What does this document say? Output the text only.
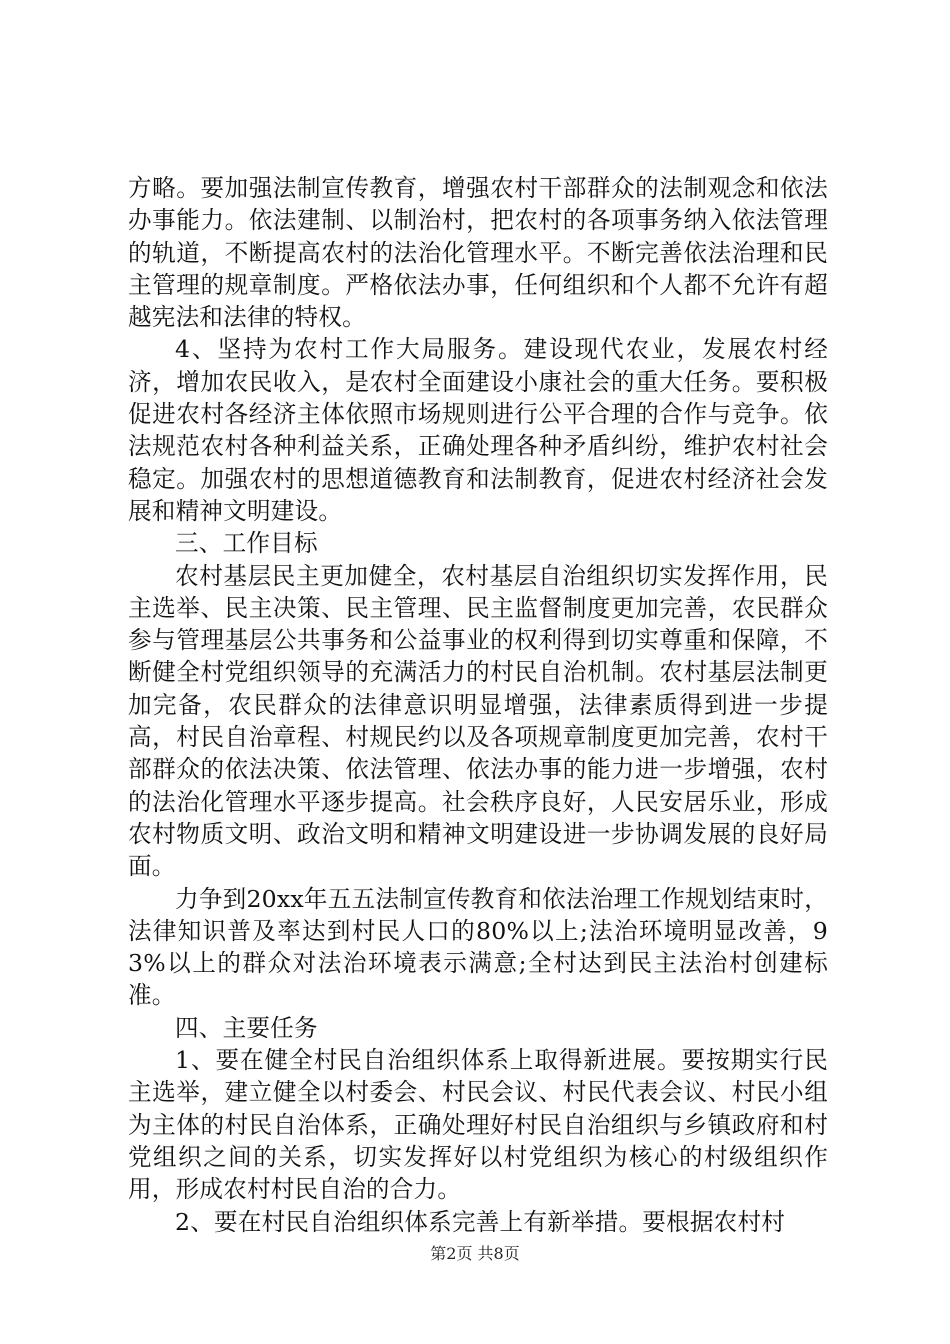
方略。要加强法制宣传教育，增强农村干部群众的法制观念和依法办事能力。依法建制、以制治村，把农村的各项事务纳入依法管理的轨道，不断提高农村的法治化管理水平。不断完善依法治理和民主管理的规章制度。严格依法办事，任何组织和个人都不允许有超越宪法和法律的特权。

4、坚持为农村工作大局服务。建设现代农业，发展农村经济，增加农民收入，是农村全面建设小康社会的重大任务。要积极促进农村各经济主体依照市场规则进行公平合理的合作与竞争。依法规范农村各种利益关系，正确处理各种矛盾纠纷，维护农村社会稳定。加强农村的思想道德教育和法制教育，促进农村经济社会发展和精神文明建设。

三、工作目标

农村基层民主更加健全，农村基层自治组织切实发挥作用，民主选举、民主决策、民主管理、民主监督制度更加完善，农民群众参与管理基层公共事务和公益事业的权利得到切实尊重和保障，不断健全村党组织领导的充满活力的村民自治机制。农村基层法制更加完备，农民群众的法律意识明显增强，法律素质得到进一步提高，村民自治章程、村规民约以及各项规章制度更加完善，农村干部群众的依法决策、依法管理、依法办事的能力进一步增强，农村的法治化管理水平逐步提高。社会秩序良好，人民安居乐业，形成农村物质文明、政治文明和精神文明建设进一步协调发展的良好局面。

力争到20xx年五五法制宣传教育和依法治理工作规划结束时，法律知识普及率达到村民人口的80%以上;法治环境明显改善，93%以上的群众对法治环境表示满意;全村达到民主法治村创建标准。

四、主要任务

1、要在健全村民自治组织体系上取得新进展。要按期实行民主选举，建立健全以村委会、村民会议、村民代表会议、村民小组为主体的村民自治体系，正确处理好村民自治组织与乡镇政府和村党组织之间的关系，切实发挥好以村党组织为核心的村级组织作用，形成农村村民自治的合力。

2、要在村民自治组织体系完善上有新举措。要根据农村村

第2页 共8页
